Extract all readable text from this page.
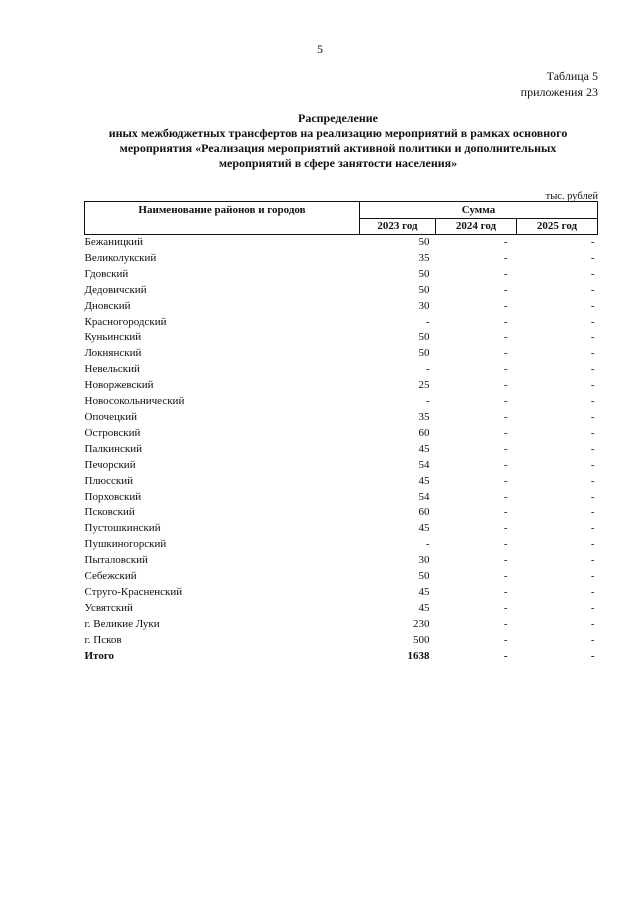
5
Таблица 5
приложения 23
Распределение
иных межбюджетных трансфертов на реализацию мероприятий в рамках основного
мероприятия «Реализация мероприятий активной политики и дополнительных
мероприятий в сфере занятости населения»
тыс. рублей
Наименование районов и городов	Сумма		
	2023 год	2024 год	2025 год
Бежаницкий	50	-	-
Великолукский	35	-	-
Гдовский	50	-	-
Дедовичский	50	-	-
Дновский	30	-	-
Красногородский	-	-	-
Куньинский	50	-	-
Локнянский	50	-	-
Невельский	-	-	-
Новоржевский	25	-	-
Новосокольнический	-	-	-
Опочецкий	35	-	-
Островский	60	-	-
Палкинский	45	-	-
Печорский	54	-	-
Плюсский	45	-	-
Порховский	54	-	-
Псковский	60	-	-
Пустошкинский	45	-	-
Пушкиногорский	-	-	-
Пыталовский	30	-	-
Себежский	50	-	-
Струго-Красненский	45	-	-
Усвятский	45	-	-
г. Великие Луки	230	-	-
г. Псков	500	-	-
Итого	1638	-	-
